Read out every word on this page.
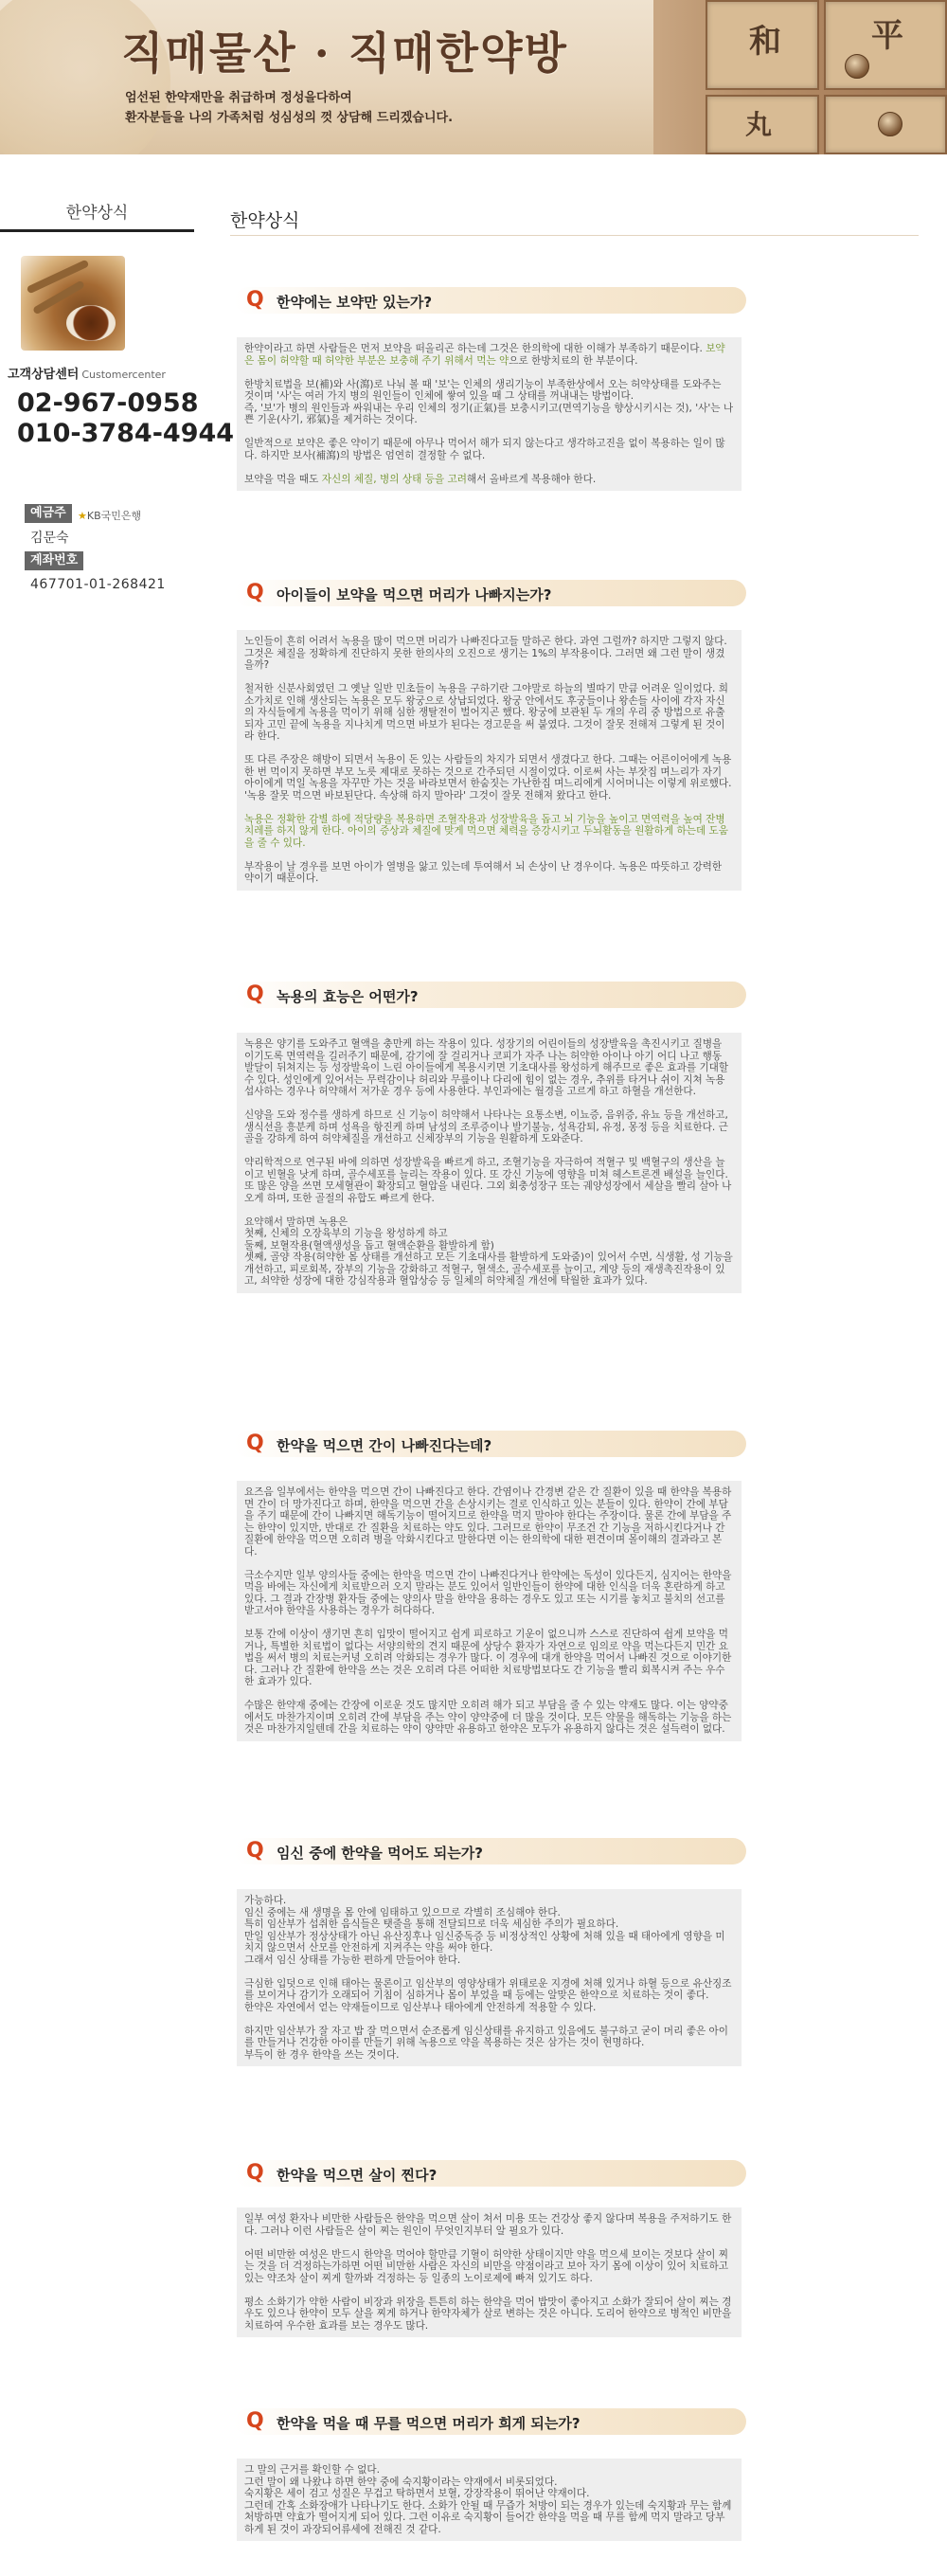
和	平
丸
직매물산 · 직매한약방
엄선된 한약재만을 취급하며 정성을다하여
환자분들을 나의 가족처럼 성심성의 껏 상담해 드리겠습니다.
한약상식
고객상담센터 Customercenter
02-967-0958
010-3784-4944
예금주	★KB국민은행
김문숙
계좌번호
467701-01-268421
한약상식
Q 한약에는 보약만 있는가?

한약이라고 하면 사람들은 먼저 보약을 떠올리곤 하는데 그것은 한의학에 대한 이해가 부족하기 때문이다. 보약은 몸이 허약할 때 허약한 부분은 보충해 주기 위해서 먹는 약으로 한방치료의 한 부분이다.

한방치료법을 보(補)와 사(瀉)로 나눠 볼 때 '보'는 인체의 생리기능이 부족한상에서 오는 허약상태를 도와주는 것이며 '사'는 여러 가지 병의 원인들이 인체에 쌓여 있을 때 그 상태를 꺼내내는 방법이다.
즉, '보'가 병의 원인들과 싸워내는 우리 인체의 정기(正氣)를 보충시키고(면역기능을 향상시키시는 것), '사'는 나쁜 기운(사기, 邪氣)을 제거하는 것이다.

일반적으로 보약은 좋은 약이기 때문에 아무나 먹어서 해가 되지 않는다고 생각하고진을 없이 복용하는 일이 많다. 하지만 보사(補瀉)의 방법은 엄연히 결정할 수 없다.

보약을 먹을 때도 자신의 체질, 병의 상태 등을 고려해서 올바르게 복용해야 한다.

Q 아이들이 보약을 먹으면 머리가 나빠지는가?

노인들이 흔히 어려서 녹용을 많이 먹으면 머리가 나빠진다고들 말하곤 한다. 과연 그럴까? 하지만 그렇지 않다. 그것은 체질을 정확하게 진단하지 못한 한의사의 오진으로 생기는 1%의 부작용이다. 그러면 왜 그런 말이 생겼을까?

철저한 신분사회였던 그 옛날 일반 민초들이 녹용을 구하기란 그야말로 하늘의 별따기 만큼 어려운 일이었다. 희소가치로 인해 생산되는 녹용은 모두 왕궁으로 상납되었다. 왕궁 안에서도 후궁들이나 왕손들 사이에 각자 자신의 자식들에게 녹용을 먹이기 위해 심한 쟁탈전이 벌어지곤 했다. 왕궁에 보관된 두 개의 우리 중 방법으로 유출되자 고민 끝에 녹용을 지나치게 먹으면 바보가 된다는 경고문을 써 붙였다. 그것이 잘못 전해져 그렇게 된 것이라 한다.

또 다른 주장은 해방이 되면서 녹용이 돈 있는 사람들의 차지가 되면서 생겼다고 한다. 그때는 어른이어에게 녹용 한 번 먹이지 못하면 부모 노릇 제대로 못하는 것으로 간주되던 시절이었다. 이로써 사는 부잣집 며느리가 자기 아이에게 먹일 녹용을 자꾸만 가는 것을 바라보면서 한숨짓는 가난한집 며느리에게 시어머니는 이렇게 위로했다. '녹용 잘못 먹으면 바보된단다. 속상해 하지 말아라' 그것이 잘못 전해져 왔다고 한다.

녹용은 정확한 감별 하에 적당량을 복용하면 조혈작용과 성장발육을 돕고 뇌 기능을 높이고 면역력을 높여 잔병치레를 하지 않게 한다. 아이의 증상과 체질에 맞게 먹으면 체력을 증강시키고 두뇌활동을 원활하게 하는데 도움을 줄 수 있다.

부작용이 날 경우를 보면 아이가 열병을 앓고 있는데 투여해서 뇌 손상이 난 경우이다. 녹용은 따뜻하고 강력한 약이기 때문이다.

Q 녹용의 효능은 어떤가?

녹용은 양기를 도와주고 혈액을 충만케 하는 작용이 있다. 성장기의 어린이들의 성장발육을 촉진시키고 질병을 이기도록 면역력을 길러주기 때문에, 감기에 잘 걸리거나 코피가 자주 나는 허약한 아이나 아기 어디 나고 행동 발달이 뒤쳐지는 등 성장발육이 느린 아이들에게 복용시키면 기초대사를 왕성하게 해주므로 좋은 효과를 기대할 수 있다. 성인에게 있어서는 무력감이나 허리와 무릎이나 다리에 힘이 없는 경우, 추위를 타거나 쉬이 지쳐 녹용 섭사하는 경우나 허약해서 저가운 경우 등에 사용한다. 부인과에는 월경을 고르게 하고 하혈을 개선한다.

신양을 도와 정수를 생하게 하므로 신 기능이 허약해서 나타나는 요통소변, 이뇨증, 음위증, 유뇨 등을 개선하고, 생식선을 흥분케 하며 성욕을 항진케 하며 남성의 조루증이나 발기불능, 성욕감퇴, 유정, 몽정 등을 치료한다. 근골을 강하게 하여 허약체질을 개선하고 신체장부의 기능을 원활하게 도와준다.

약리학적으로 연구된 바에 의하면 성장발육을 빠르게 하고, 조혈기능을 자극하여 적혈구 및 백혈구의 생산을 늘이고 빈혈을 낫게 하며, 골수세포를 늘리는 작용이 있다. 또 강신 기능에 영향을 미쳐 헤스트론겐 배설을 늘인다. 또 많은 양을 쓰면 모세혈관이 확장되고 혈압을 내린다. 그외 회충성장구 또는 궤양성장에서 세살을 빨리 살아 나오게 하며, 또한 골절의 유합도 빠르게 한다.

요약해서 말하면 녹용은
첫째, 신체의 오장육부의 기능을 왕성하게 하고
둘째, 보혈작용(혈액생성을 돕고 혈액순환을 활발하게 함)
셋째, 골양 작용(허약한 몸 상태를 개선하고 모든 기초대사를 활발하게 도와줌)이 있어서 수면, 식생활, 성 기능을 개선하고, 피로회복, 장부의 기능을 강화하고 적혈구, 혈색소, 골수세포를 늘이고, 계양 등의 재생촉진작용이 있고, 쇠약한 성장에 대한 강심작용과 혈압상승 등 일체의 허약체질 개선에 탁월한 효과가 있다.

Q 한약을 먹으면 간이 나빠진다는데?

요즈음 일부에서는 한약을 먹으면 간이 나빠진다고 한다. 간염이나 간경변 같은 간 질환이 있을 때 한약을 복용하면 간이 더 망가진다고 하며, 한약을 먹으면 간을 손상시키는 결로 인식하고 있는 분들이 있다. 한약이 간에 부담을 주기 때문에 간이 나빠지면 해독기능이 떨어지므로 한약을 먹지 말아야 한다는 주장이다. 물론 간에 부담을 주는 한약이 있지만, 반대로 간 질환을 치료하는 약도 있다. 그러므로 한약이 무조건 간 기능을 저하시킨다거나 간 질환에 한약을 먹으면 오히려 병을 악화시킨다고 말한다면 이는 한의학에 대한 편견이며 몰이해의 결과라고 본다.

극소수지만 일부 양의사들 중에는 한약을 먹으면 간이 나빠진다거나 한약에는 독성이 있다든지, 심지어는 한약을 먹을 바에는 자신에게 치료받으러 오지 말라는 분도 있어서 일반인들이 한약에 대한 인식을 더욱 혼란하게 하고 있다. 그 결과 간장병 환자들 중에는 양의사 말을 한약을 용하는 경우도 있고 또는 시기를 놓치고 불치의 선고를 받고서야 한약을 사용하는 경우가 허다하다.

보통 간에 이상이 생기면 흔히 입맛이 떨어지고 쉽게 피로하고 기운이 없으니까 스스로 진단하여 쉽게 보약을 먹거나, 특별한 치료법이 없다는 서양의학의 견지 때문에 상당수 환자가 자연으로 임의로 약을 먹는다든지 민간 요법을 써서 병의 치료는커녕 오히려 악화되는 경우가 많다. 이 경우에 대개 한약을 먹어서 나빠진 것으로 이야기한다. 그러나 간 질환에 한약을 쓰는 것은 오히려 다른 어떠한 치료방법보다도 간 기능을 빨리 회복시켜 주는 우수한 효과가 있다.

수많은 한약재 중에는 간장에 이로운 것도 많지만 오히려 해가 되고 부담을 줄 수 있는 약재도 많다. 이는 양약중에서도 마찬가지이며 오히려 간에 부담을 주는 약이 양약중에 더 많을 것이다. 모든 약물을 해독하는 기능을 하는 것은 마찬가지일텐데 간을 치료하는 약이 양약만 유용하고 한약은 모두가 유용하지 않다는 것은 설득력이 없다.

Q 임신 중에 한약을 먹어도 되는가?

가능하다.
임신 중에는 새 생명을 몸 안에 임태하고 있으므로 각별히 조심해야 한다.
특히 임산부가 섭취한 음식들은 탯줄을 통해 전달되므로 더욱 세심한 주의가 필요하다.
만일 임산부가 정상상태가 아닌 유산징후나 임신중독증 등 비정상적인 상황에 처해 있을 때 태아에게 영향을 미치지 않으면서 산모를 안전하게 지켜주는 약을 써야 한다.
그래서 임신 상태를 가능한 편하게 만들어야 한다.

극심한 입덧으로 인해 태아는 물론이고 임산부의 영양상태가 위태로운 지경에 처해 있거나 하혈 등으로 유산징조를 보이거나 감기가 오래되어 기침이 심하거나 몸이 부었을 때 등에는 알맞은 한약으로 치료하는 것이 좋다.
한약은 자연에서 얻는 약재들이므로 임산부나 태아에게 안전하게 적용할 수 있다.

하지만 임산부가 잘 자고 밥 잘 먹으면서 순조롭게 임신상태를 유지하고 있음에도 불구하고 굳이 머리 좋은 아이를 만들거나 건강한 아이를 만들기 위해 녹용으로 약을 복용하는 것은 삼가는 것이 현명하다.
부득이 한 경우 한약을 쓰는 것이다.

Q 한약을 먹으면 살이 찐다?

일부 여성 환자나 비만한 사람들은 한약을 먹으면 살이 쳐서 미용 또는 건강상 좋지 않다며 복용을 주저하기도 한다. 그러나 이런 사람들은 살이 찌는 원인이 무엇인지부터 알 필요가 있다.

어떤 비만한 여성은 반드시 한약을 먹어야 할만큼 기혈이 허약한 상태이지만 약을 먹으세 보이는 것보다 살이 찌는 것을 더 걱정하는가하면 어떤 비만한 사람은 자신의 비만을 약점이라고 보아 자기 몸에 이상이 있어 치료하고 있는 약조차 살이 찌게 할까봐 걱정하는 등 일종의 노이로제에 빠져 있기도 하다.

평소 소화기가 약한 사람이 비장과 위장을 튼튼히 하는 한약을 먹어 밥맛이 좋아지고 소화가 잘되어 살이 찌는 경우도 있으나 한약이 모두 살을 찌게 하거나 한약자체가 살로 변하는 것은 아니다. 도리어 한약으로 병적인 비만을 치료하여 우수한 효과를 보는 경우도 많다.

Q 한약을 먹을 때 무를 먹으면 머리가 희게 되는가?

그 말의 근거를 확인할 수 없다.
그런 말이 왜 나왔냐 하면 한약 중에 숙지황이라는 약재에서 비롯되었다.
숙지황은 세이 검고 성질은 무겁고 탁하면서 보혈, 강장작용이 뛰어난 약재이다.
그런데 간혹 소화장애가 나타나기도 한다. 소화가 안될 때 무즙가 처방이 되는 경우가 있는데 숙지황과 무는 함께 처방하면 약효가 떨어지게 되어 있다. 그런 이유로 숙지황이 들어간 한약을 먹을 때 무를 함께 먹지 말라고 당부하게 된 것이 과장되어류세에 전해진 것 같다.
